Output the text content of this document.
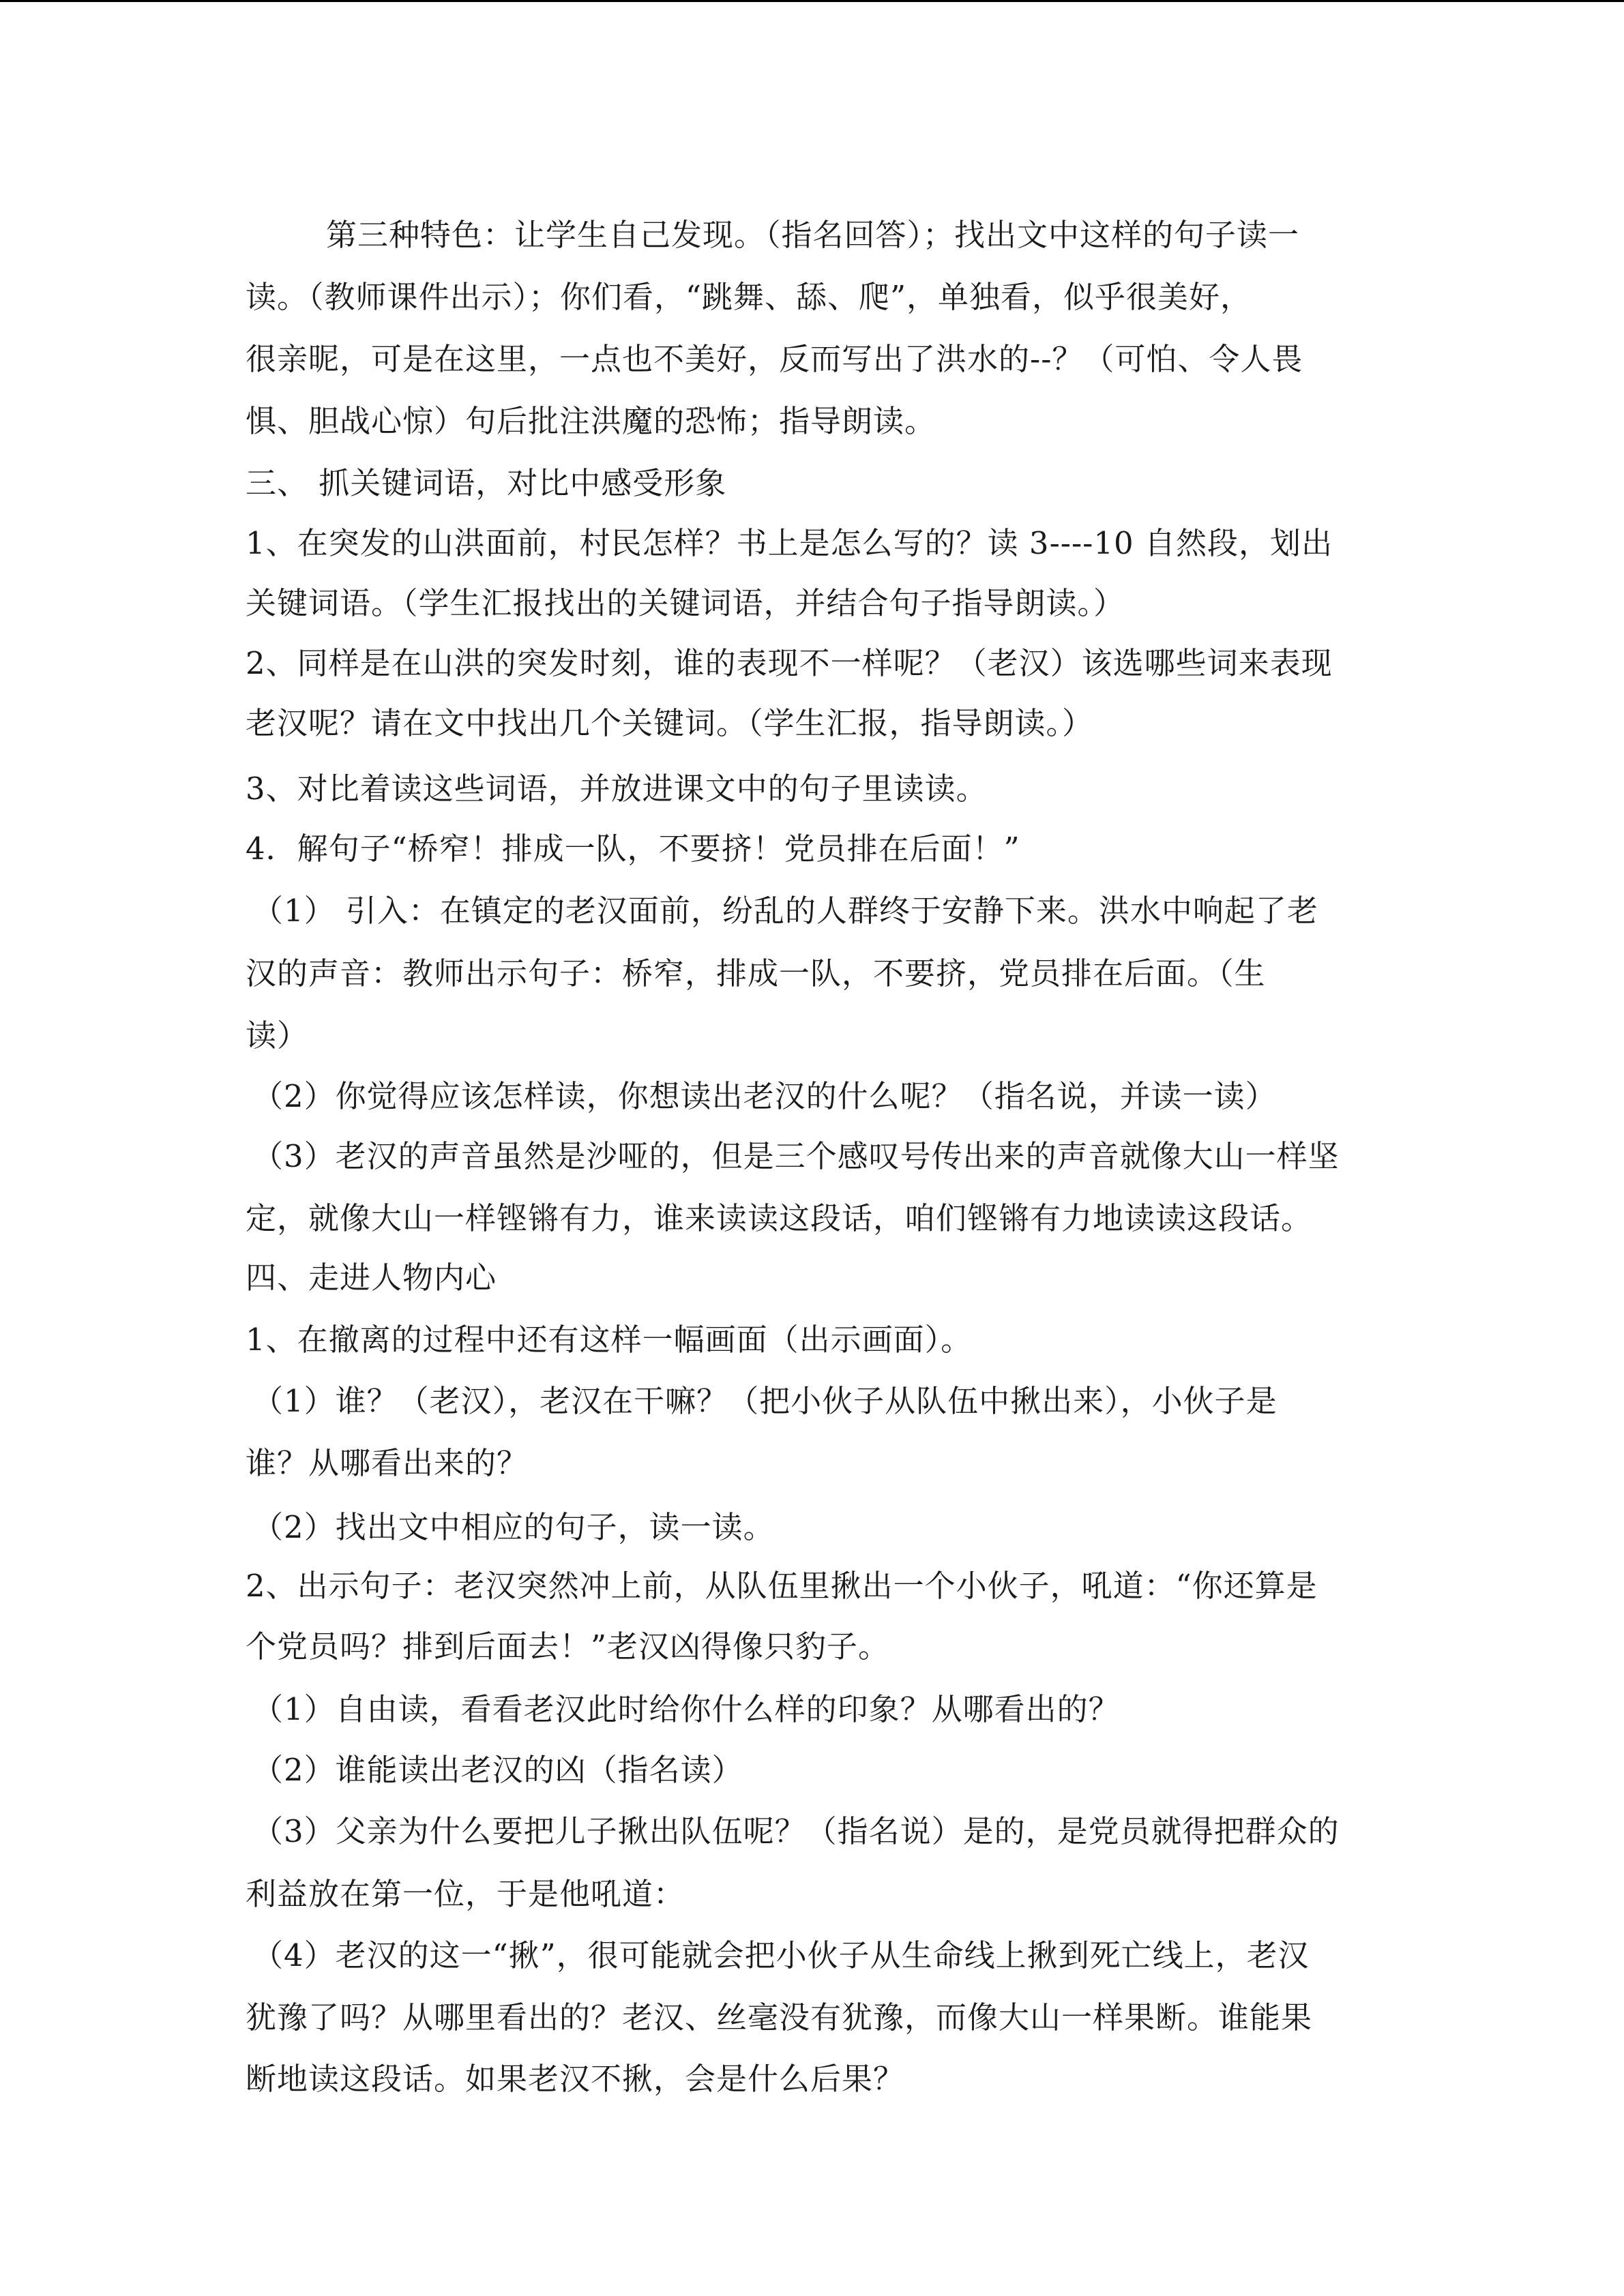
第三种特色：让学生自己发现。（指名回答）；找出文中这样的句子读一
读。（教师课件出示）；你们看，“跳舞、舔、爬”，单独看，似乎很美好，
很亲昵，可是在这里，一点也不美好，反而写出了洪水的--？（可怕、令人畏
惧、胆战心惊）句后批注洪魔的恐怖；指导朗读。
三、 抓关键词语，对比中感受形象
1、在突发的山洪面前，村民怎样？书上是怎么写的？读 3----10 自然段，划出
关键词语。（学生汇报找出的关键词语，并结合句子指导朗读。）
2、同样是在山洪的突发时刻，谁的表现不一样呢？（老汉）该选哪些词来表现
老汉呢？请在文中找出几个关键词。（学生汇报，指导朗读。）
3、对比着读这些词语，并放进课文中的句子里读读。
4．解句子“桥窄！排成一队，不要挤！党员排在后面！”
（1） 引入：在镇定的老汉面前，纷乱的人群终于安静下来。洪水中响起了老
汉的声音：教师出示句子：桥窄，排成一队，不要挤，党员排在后面。（生
读）
（2）你觉得应该怎样读，你想读出老汉的什么呢？（指名说，并读一读）
（3）老汉的声音虽然是沙哑的，但是三个感叹号传出来的声音就像大山一样坚
定，就像大山一样铿锵有力，谁来读读这段话，咱们铿锵有力地读读这段话。
四、走进人物内心
1、在撤离的过程中还有这样一幅画面（出示画面）。
（1）谁？（老汉），老汉在干嘛？（把小伙子从队伍中揪出来），小伙子是
谁？从哪看出来的？
（2）找出文中相应的句子，读一读。
2、出示句子：老汉突然冲上前，从队伍里揪出一个小伙子，吼道：“你还算是
个党员吗？排到后面去！”老汉凶得像只豹子。
（1）自由读，看看老汉此时给你什么样的印象？从哪看出的？
（2）谁能读出老汉的凶（指名读）
（3）父亲为什么要把儿子揪出队伍呢？（指名说）是的，是党员就得把群众的
利益放在第一位，于是他吼道：
（4）老汉的这一“揪”，很可能就会把小伙子从生命线上揪到死亡线上，老汉
犹豫了吗？从哪里看出的？老汉、丝毫没有犹豫，而像大山一样果断。谁能果
断地读这段话。如果老汉不揪，会是什么后果？
